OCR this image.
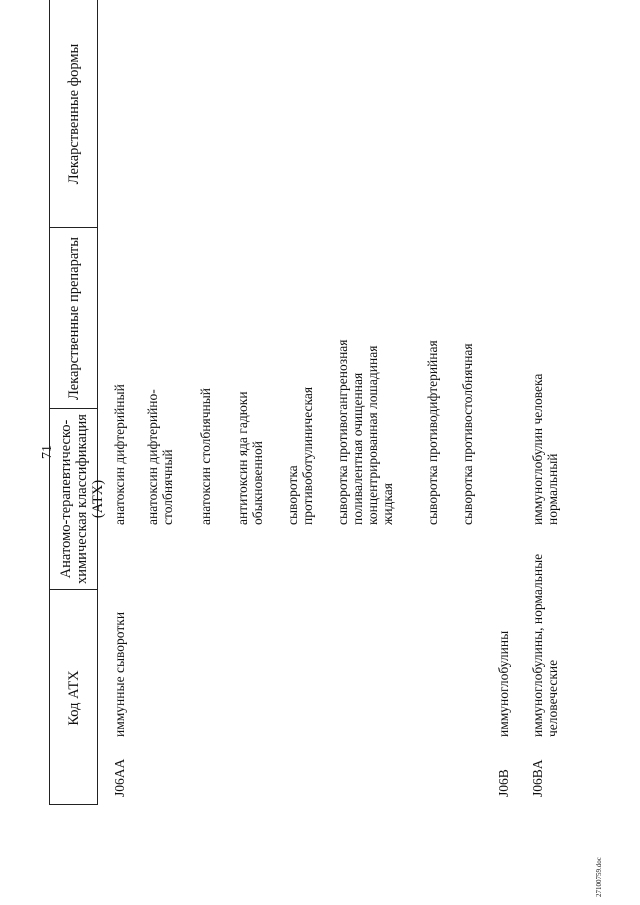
71
Код АТХ
Анатомо-терапевтическо-химическая классификация (АТХ)
Лекарственные препараты
Лекарственные формы
J06AA
иммунные сыворотки
анатоксин дифтерийный анатоксин дифтерийно-столбнячный анатоксин столбнячный антитоксин яда гадюки обыкновенной сыворотка противоботулиническая сыворотка противогангренозная поливалентная очищенная концентрированная лошадиная жидкая сыворотка противодифтерийная сыворотка противостолбнячная
J06B
иммуноглобулины
J06BA
иммуноглобулины, нормальные человеческие
иммуноглобулин человека нормальный
27100759.doc
